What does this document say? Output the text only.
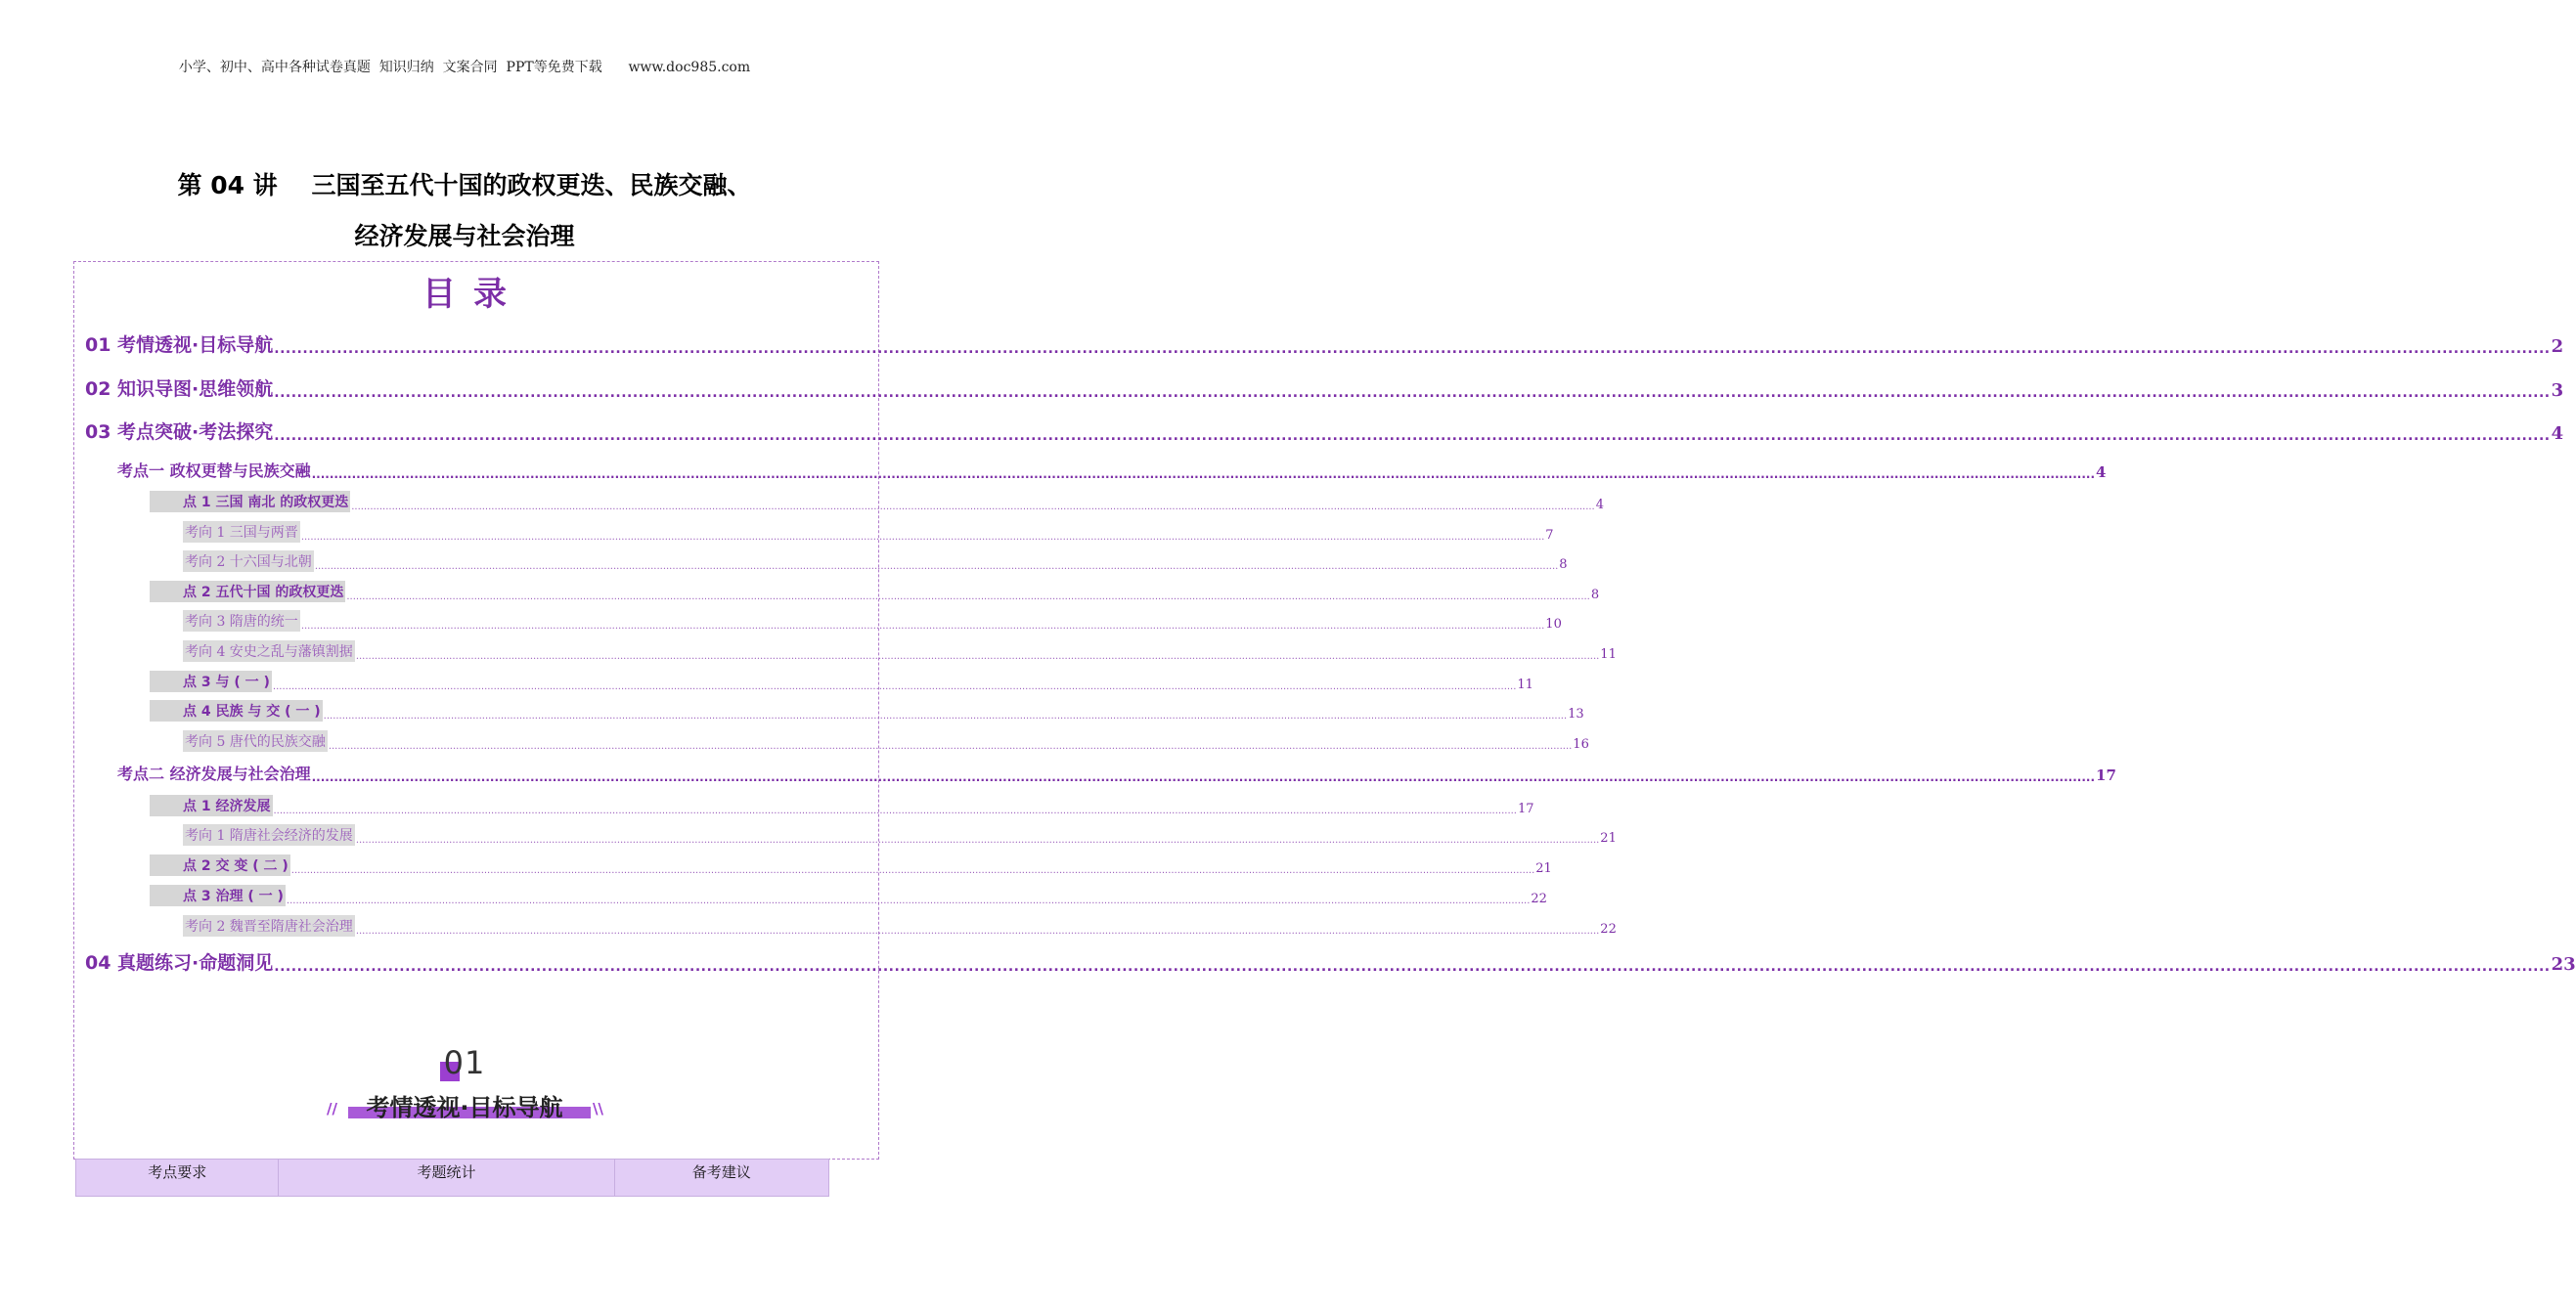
小学、初中、高中各种试卷真题  知识归纳  文案合同  PPT等免费下载      www.doc985.com
第 04 讲    三国至五代十国的政权更迭、民族交融、
经济发展与社会治理
目录
01 考情透视·目标导航 ................................................................................................................................................................................................................................................................................................................................................................................................................ 2
02 知识导图·思维领航 ................................................................................................................................................................................................................................................................................................................................................................................................................ 3
03 考点突破·考法探究 ................................................................................................................................................................................................................................................................................................................................................................................................................ 4
考点一 政权更替与民族交融 ................................................................................................................................................................................................................................................................................................................................................................................................................ 4
点 1 三国 南北 的政权更迭 ................................................................................................................................................................................................................................................................................................................................................................................................................ 4
考向 1 三国与两晋 ................................................................................................................................................................................................................................................................................................................................................................................................................ 7
考向 2 十六国与北朝 ................................................................................................................................................................................................................................................................................................................................................................................................................ 8
点 2 五代十国 的政权更迭 ................................................................................................................................................................................................................................................................................................................................................................................................................ 8
考向 3 隋唐的统一 ................................................................................................................................................................................................................................................................................................................................................................................................................ 10
考向 4 安史之乱与藩镇割据 ................................................................................................................................................................................................................................................................................................................................................................................................................ 11
点 3 与 ( 一 ) ................................................................................................................................................................................................................................................................................................................................................................................................................ 11
点 4 民族 与 交 ( 一 ) ................................................................................................................................................................................................................................................................................................................................................................................................................ 13
考向 5 唐代的民族交融 ................................................................................................................................................................................................................................................................................................................................................................................................................ 16
考点二 经济发展与社会治理 ................................................................................................................................................................................................................................................................................................................................................................................................................ 17
点 1 经济发展 ................................................................................................................................................................................................................................................................................................................................................................................................................ 17
考向 1 隋唐社会经济的发展 ................................................................................................................................................................................................................................................................................................................................................................................................................ 21
点 2 交 变 ( 二 ) ................................................................................................................................................................................................................................................................................................................................................................................................................ 21
点 3 治理 ( 一 ) ................................................................................................................................................................................................................................................................................................................................................................................................................ 22
考向 2 魏晋至隋唐社会治理 ................................................................................................................................................................................................................................................................................................................................................................................................................ 22
04 真题练习·命题洞见 ................................................................................................................................................................................................................................................................................................................................................................................................................ 23
01
//	考情透视·目标导航	\\
考点要求	考题统计	备考建议
